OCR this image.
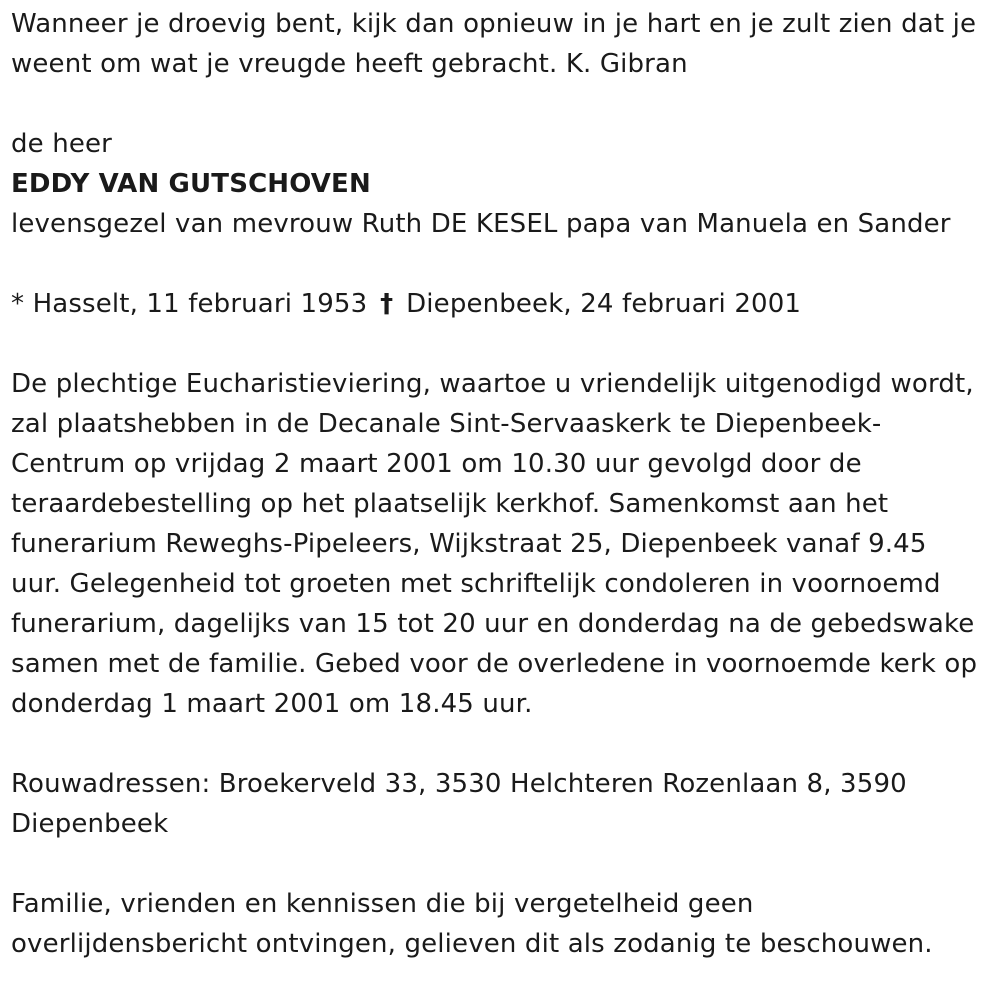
Wanneer je droevig bent, kijk dan opnieuw in je hart en je zult zien dat je
weent om wat je vreugde heeft gebracht. K. Gibran
de heer
EDDY VAN GUTSCHOVEN
levensgezel van mevrouw Ruth DE KESEL papa van Manuela en Sander
* Hasselt, 11 februari 1953 † Diepenbeek, 24 februari 2001
De plechtige Eucharistieviering, waartoe u vriendelijk uitgenodigd wordt,
zal plaatshebben in de Decanale Sint-Servaaskerk te Diepenbeek-
Centrum op vrijdag 2 maart 2001 om 10.30 uur gevolgd door de
teraardebestelling op het plaatselijk kerkhof. Samenkomst aan het
funerarium Reweghs-Pipeleers, Wijkstraat 25, Diepenbeek vanaf 9.45
uur. Gelegenheid tot groeten met schriftelijk condoleren in voornoemd
funerarium, dagelijks van 15 tot 20 uur en donderdag na de gebedswake
samen met de familie. Gebed voor de overledene in voornoemde kerk op
donderdag 1 maart 2001 om 18.45 uur.
Rouwadressen: Broekerveld 33, 3530 Helchteren Rozenlaan 8, 3590
Diepenbeek
Familie, vrienden en kennissen die bij vergetelheid geen
overlijdensbericht ontvingen, gelieven dit als zodanig te beschouwen.
